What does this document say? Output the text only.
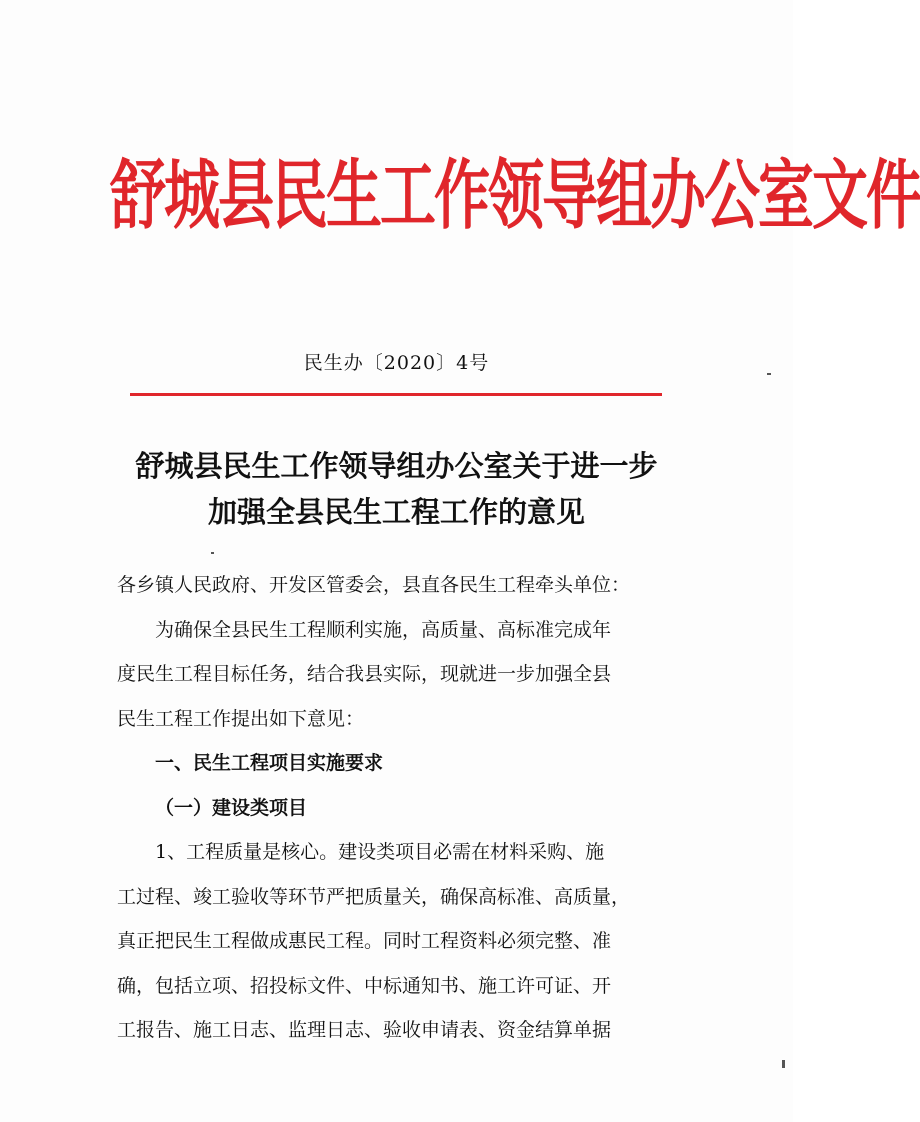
舒城县民生工作领导组办公室文件
民生办〔2020〕4号
舒城县民生工作领导组办公室关于进一步
加强全县民生工程工作的意见

各乡镇人民政府、开发区管委会，县直各民生工程牵头单位：

为确保全县民生工程顺利实施，高质量、高标准完成年

度民生工程目标任务，结合我县实际，现就进一步加强全县

民生工程工作提出如下意见：

一、民生工程项目实施要求

（一）建设类项目

1、工程质量是核心。建设类项目必需在材料采购、施

工过程、竣工验收等环节严把质量关，确保高标准、高质量，

真正把民生工程做成惠民工程。同时工程资料必须完整、准

确，包括立项、招投标文件、中标通知书、施工许可证、开

工报告、施工日志、监理日志、验收申请表、资金结算单据
